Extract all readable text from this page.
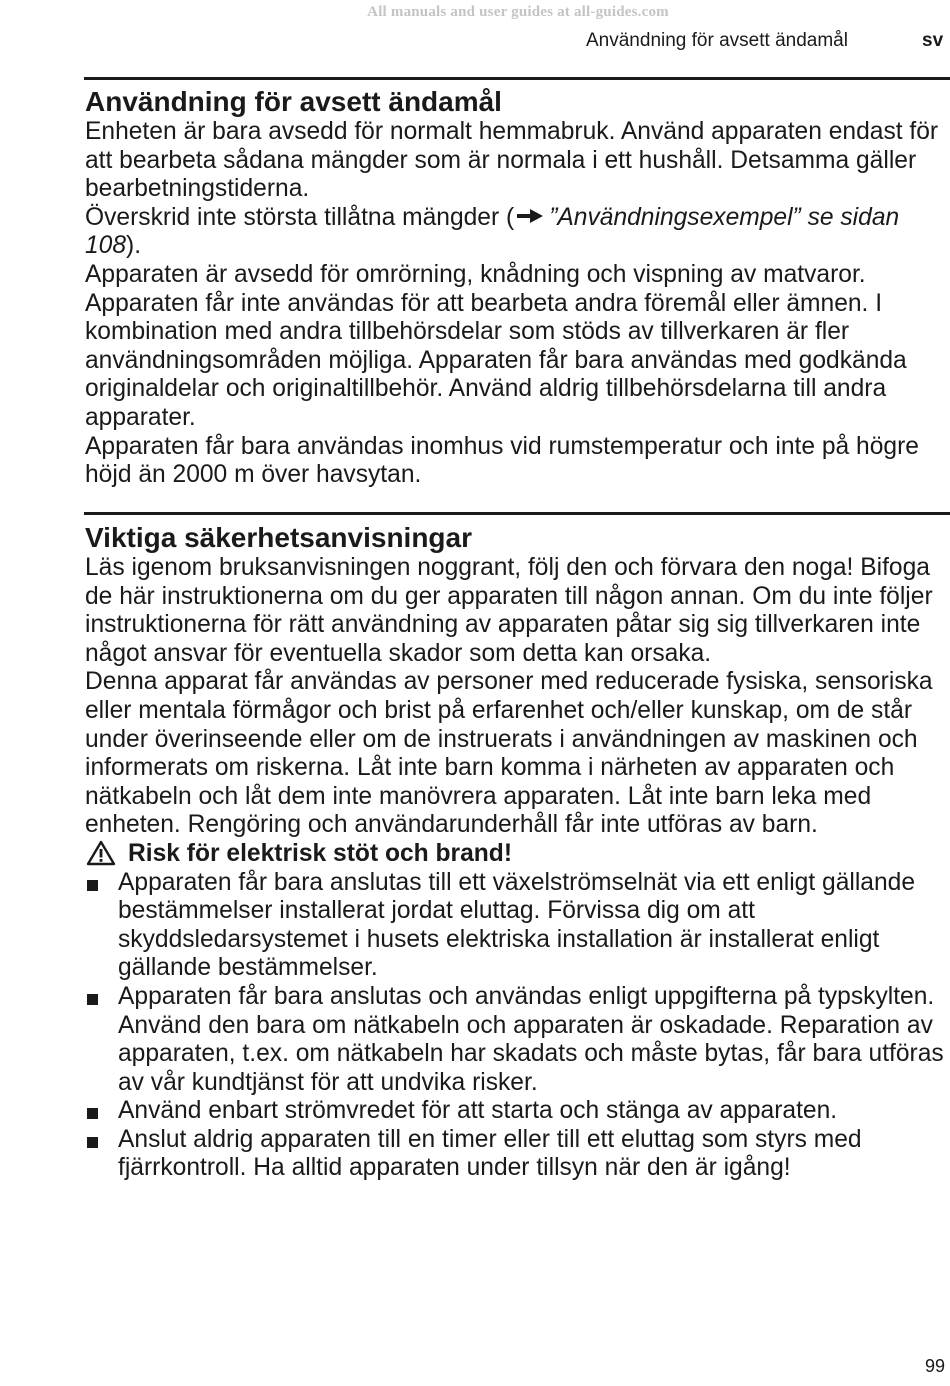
All manuals and user guides at all-guides.com
Användning för avsett ändamål	sv
Användning för avsett ändamål

Enheten är bara avsedd för normalt hemmabruk. Använd apparaten endast för att bearbeta sådana mängder som är normala i ett hushåll. Detsamma gäller bearbetningstiderna.

Överskrid inte största tillåtna mängder ( ”Användningsexempel” se sidan 108).

Apparaten är avsedd för omrörning, knådning och vispning av matvaror. Apparaten får inte användas för att bearbeta andra föremål eller ämnen. I kombination med andra tillbehörsdelar som stöds av tillverkaren är fler användningsområden möjliga. Apparaten får bara användas med godkända originaldelar och originaltillbehör. Använd aldrig tillbehörsdelarna till andra apparater.

Apparaten får bara användas inomhus vid rumstemperatur och inte på högre höjd än 2000 m över havsytan.

Viktiga säkerhetsanvisningar

Läs igenom bruksanvisningen noggrant, följ den och förvara den noga! Bifoga de här instruktionerna om du ger apparaten till någon annan. Om du inte följer instruktionerna för rätt användning av apparaten påtar sig sig tillverkaren inte något ansvar för eventuella skador som detta kan orsaka.

Denna apparat får användas av personer med reducerade fysiska, sensoriska eller mentala förmågor och brist på erfarenhet och/eller kunskap, om de står under överinseende eller om de instruerats i användningen av maskinen och informerats om riskerna. Låt inte barn komma i närheten av apparaten och nätkabeln och låt dem inte manövrera apparaten. Låt inte barn leka med enheten. Rengöring och användarunderhåll får inte utföras av barn.

Risk för elektrisk stöt och brand!
Apparaten får bara anslutas till ett växelströmselnät via ett enligt gällande bestämmelser installerat jordat eluttag. Förvissa dig om att skyddsledarsystemet i husets elektriska installation är installerat enligt gällande bestämmelser.
Apparaten får bara anslutas och användas enligt uppgifterna på typskylten. Använd den bara om nätkabeln och apparaten är oskadade. Reparation av apparaten, t.ex. om nätkabeln har skadats och måste bytas, får bara utföras av vår kundtjänst för att undvika risker.
Använd enbart strömvredet för att starta och stänga av apparaten.
Anslut aldrig apparaten till en timer eller till ett eluttag som styrs med fjärrkontroll. Ha alltid apparaten under tillsyn när den är igång!
99
